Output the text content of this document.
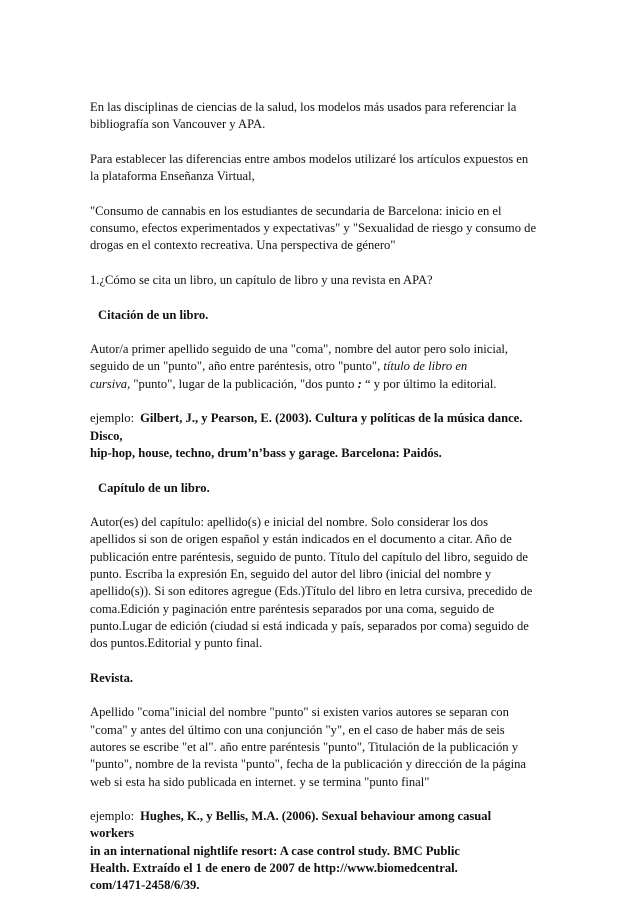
En las disciplinas de ciencias de la salud, los modelos más usados para referenciar la
bibliografía son Vancouver y APA.

Para establecer las diferencias entre ambos modelos utilizaré los artículos expuestos en
la plataforma Enseñanza Virtual,

"Consumo de cannabis en los estudiantes de secundaria de Barcelona: inicio en el
consumo, efectos experimentados y expectativas" y "Sexualidad de riesgo y consumo de
drogas en el contexto recreativa. Una perspectiva de género"

1.¿Cómo se cita un libro, un capítulo de libro y una revista en APA?

Citación de un libro.

Autor/a primer apellido seguido de una "coma", nombre del autor pero solo inicial,
seguido de un "punto", año entre paréntesis, otro "punto", título de libro en
cursiva, "punto", lugar de la publicación, "dos punto : “ y por último la editorial.

ejemplo: Gilbert, J., y Pearson, E. (2003). Cultura y políticas de la música dance.
Disco,
hip-hop, house, techno, drum’n’bass y garage. Barcelona: Paidós.

Capítulo de un libro.

Autor(es) del capítulo: apellido(s) e inicial del nombre. Solo considerar los dos
apellidos si son de origen español y están indicados en el documento a citar. Año de
publicación entre paréntesis, seguido de punto. Título del capítulo del libro, seguido de
punto. Escriba la expresión En, seguido del autor del libro (inicial del nombre y
apellido(s)). Si son editores agregue (Eds.)Título del libro en letra cursiva, precedido de
coma.Edición y paginación entre paréntesis separados por una coma, seguido de
punto.Lugar de edición (ciudad si está indicada y país, separados por coma) seguido de
dos puntos.Editorial y punto final.

Revista.

Apellido "coma"inicial del nombre "punto" si existen varios autores se separan con
"coma" y antes del último con una conjunción "y", en el caso de haber más de seis
autores se escribe "et al". año entre paréntesis "punto", Titulación de la publicación y
"punto", nombre de la revista "punto", fecha de la publicación y dirección de la página
web si esta ha sido publicada en internet. y se termina "punto final"

ejemplo: Hughes, K., y Bellis, M.A. (2006). Sexual behaviour among casual
workers
in an international nightlife resort: A case control study. BMC Public
Health. Extraído el 1 de enero de 2007 de http://www.biomedcentral.
com/1471-2458/6/39.
